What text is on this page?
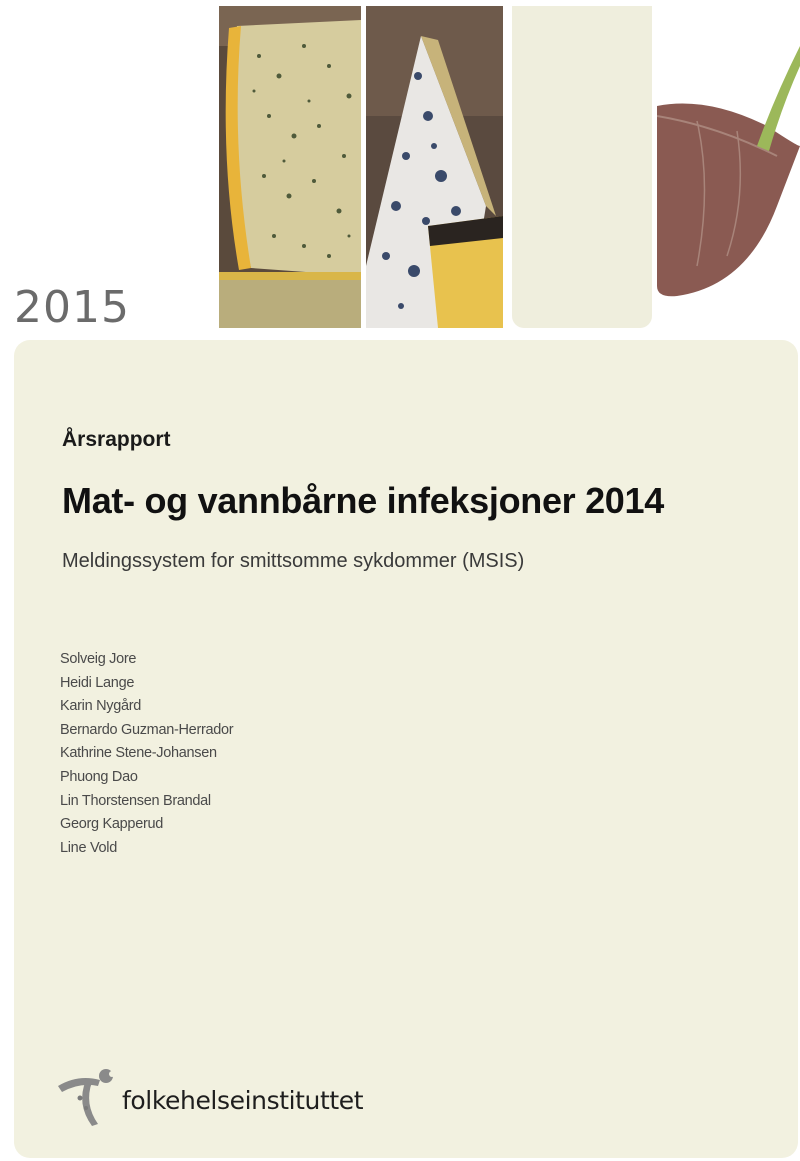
2015
Årsrapport
Mat- og vannbårne infeksjoner 2014
Meldingssystem for smittsomme sykdommer (MSIS)
Solveig Jore
Heidi Lange
Karin Nygård
Bernardo Guzman-Herrador
Kathrine Stene-Johansen
Phuong Dao
Lin Thorstensen Brandal
Georg Kapperud
Line Vold
folkehelseinstituttet
